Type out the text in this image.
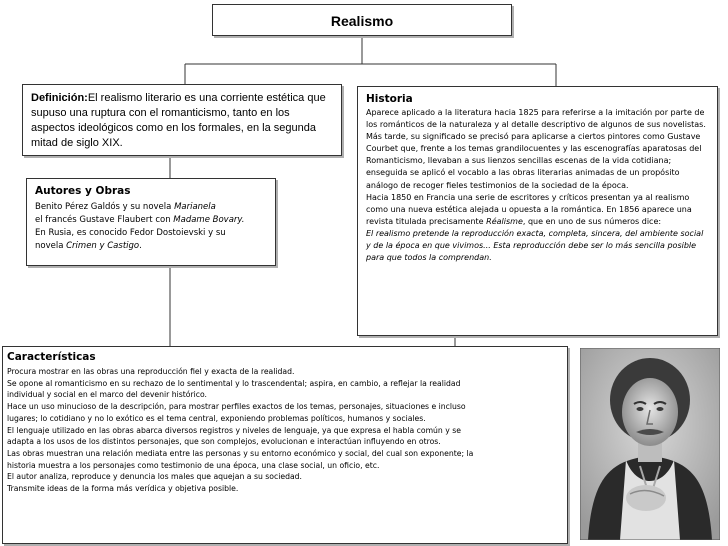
Realismo
Definición:El realismo literario es una corriente estética que supuso una ruptura con el romanticismo, tanto en los aspectos ideológicos como en los formales, en la segunda mitad de siglo XIX.
Historia

Aparece aplicado a la literatura hacia 1825 para referirse a la imitación por parte de los románticos de la naturaleza y al detalle descriptivo de algunos de sus novelistas. Más tarde, su significado se precisó para aplicarse a ciertos pintores como Gustave Courbet que, frente a los temas grandilocuentes y las escenografías aparatosas del Romanticismo, llevaban a sus lienzos sencillas escenas de la vida cotidiana; enseguida se aplicó el vocablo a las obras literarias animadas de un propósito análogo de recoger fieles testimonios de la sociedad de la época.

Hacia 1850 en Francia una serie de escritores y críticos presentan ya al realismo como una nueva estética alejada u opuesta a la romántica. En 1856 aparece una revista titulada precisamente Réalisme, que en uno de sus números dice:

El realismo pretende la reproducción exacta, completa, sincera, del ambiente social y de la época en que vivimos... Esta reproducción debe ser lo más sencilla posible para que todos la comprendan.

Autores y Obras
Benito Pérez Galdós y su novela Marianela
el francés Gustave Flaubert con Madame Bovary.
En Rusia, es conocido Fedor Dostoievski y su
novela Crimen y Castigo.
Características
Procura mostrar en las obras una reproducción fiel y exacta de la realidad.
Se opone al romanticismo en su rechazo de lo sentimental y lo trascendental; aspira, en cambio, a reflejar la realidad
individual y social en el marco del devenir histórico.
Hace un uso minucioso de la descripción, para mostrar perfiles exactos de los temas, personajes, situaciones e incluso
lugares; lo cotidiano y no lo exótico es el tema central, exponiendo problemas políticos, humanos y sociales.
El lenguaje utilizado en las obras abarca diversos registros y niveles de lenguaje, ya que expresa el habla común y se
adapta a los usos de los distintos personajes, que son complejos, evolucionan e interactúan influyendo en otros.
Las obras muestran una relación mediata entre las personas y su entorno económico y social, del cual son exponente; la
historia muestra a los personajes como testimonio de una época, una clase social, un oficio, etc.
El autor analiza, reproduce y denuncia los males que aquejan a su sociedad.
Transmite ideas de la forma más verídica y objetiva posible.
